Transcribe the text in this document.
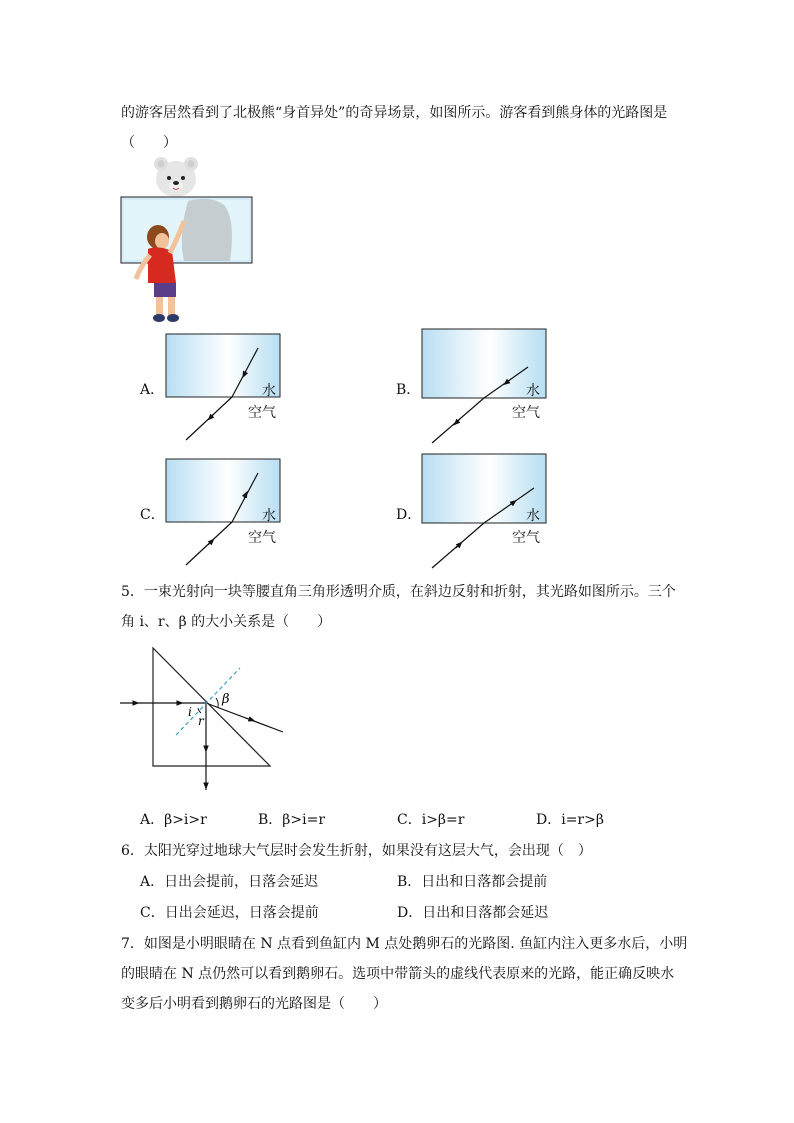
的游客居然看到了北极熊“身首异处”的奇异场景，如图所示。游客看到熊身体的光路图是
（　　）
A．	水
空气
B．	水
空气
C．	水
空气
D．	水
空气
5．一束光射向一块等腰直角三角形透明介质，在斜边反射和折射，其光路如图所示。三个
角 i、r、β 的大小关系是（　　）
β
i
r
A．β>i>r	B．β>i=r	C．i>β=r	D．i=r>β
6．太阳光穿过地球大气层时会发生折射，如果没有这层大气，会出现（　）
A．日出会提前，日落会延迟	B．日出和日落都会提前
C．日出会延迟，日落会提前	D．日出和日落都会延迟
7．如图是小明眼睛在 N 点看到鱼缸内 M 点处鹅卵石的光路图. 鱼缸内注入更多水后，小明
的眼睛在 N 点仍然可以看到鹅卵石。选项中带箭头的虚线代表原来的光路，能正确反映水
变多后小明看到鹅卵石的光路图是（　　）
